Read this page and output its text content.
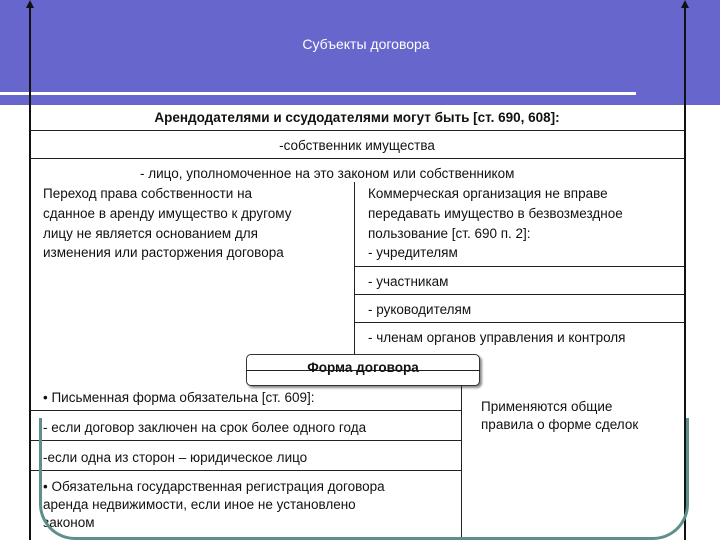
Субъекты договора
Арендодателями и ссудодателями могут быть [ст. 690, 608]:
-собственник имущества
- лицо, уполномоченное на это законом или собственником
Переход права собственности на
сданное в аренду имущество к другому
лицу не является основанием для
изменения или расторжения договора
Коммерческая организация не вправе
передавать имущество в безвозмездное
пользование [ст. 690 п. 2]:
- учредителям
- участникам
- руководителям
- членам органов управления и контроля
Форма договора
• Письменная форма обязательна [ст. 609]:
- если договор заключен на срок более одного года
-если одна из сторон – юридическое лицо
• Обязательна государственная регистрация договора
аренда недвижимости, если иное не установлено
законом
Применяются общие
правила о форме сделок
